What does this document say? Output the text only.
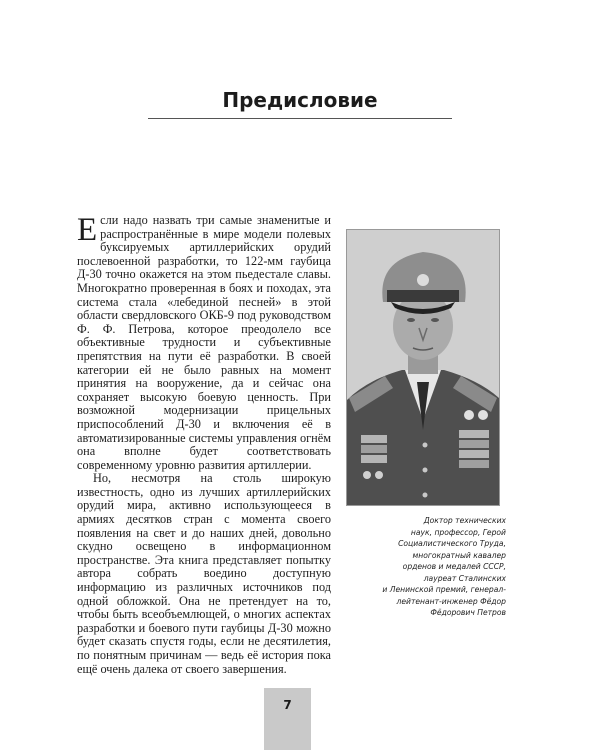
Предисловие

Если надо назвать три самые знаменитые и распространённые в мире модели полевых буксируемых артиллерийских орудий послевоенной разработки, то 122-мм гаубица Д-30 точно окажется на этом пьедестале славы. Многократно проверенная в боях и походах, эта система стала «лебединой песней» в этой области свердловского ОКБ-9 под руководством Ф. Ф. Петрова, которое преодолело все объективные трудности и субъективные препятствия на пути её разработки. В своей категории ей не было равных на момент принятия на вооружение, да и сейчас она сохраняет высокую боевую ценность. При возможной модернизации прицельных приспособлений Д-30 и включения её в автоматизированные системы управления огнём она вполне будет соответствовать современному уровню развития артиллерии.

Но, несмотря на столь широкую известность, одно из лучших артиллерийских орудий мира, активно использующееся в армиях десятков стран с момента своего появления на свет и до наших дней, довольно скудно освещено в информационном пространстве. Эта книга представляет попытку автора собрать воедино доступную информацию из различных источников под одной обложкой. Она не претендует на то, чтобы быть всеобъемлющей, о многих аспектах разработки и боевого пути гаубицы Д-30 можно будет сказать спустя годы, если не десятилетия, по понятным причинам — ведь её история пока ещё очень далека от своего завершения.

Доктор технических
наук, профессор, Герой
Социалистического Труда,
многократный кавалер
орденов и медалей СССР,
лауреат Сталинских
и Ленинской премий, генерал-
лейтенант-инженер Фёдор
Фёдорович Петров
7
